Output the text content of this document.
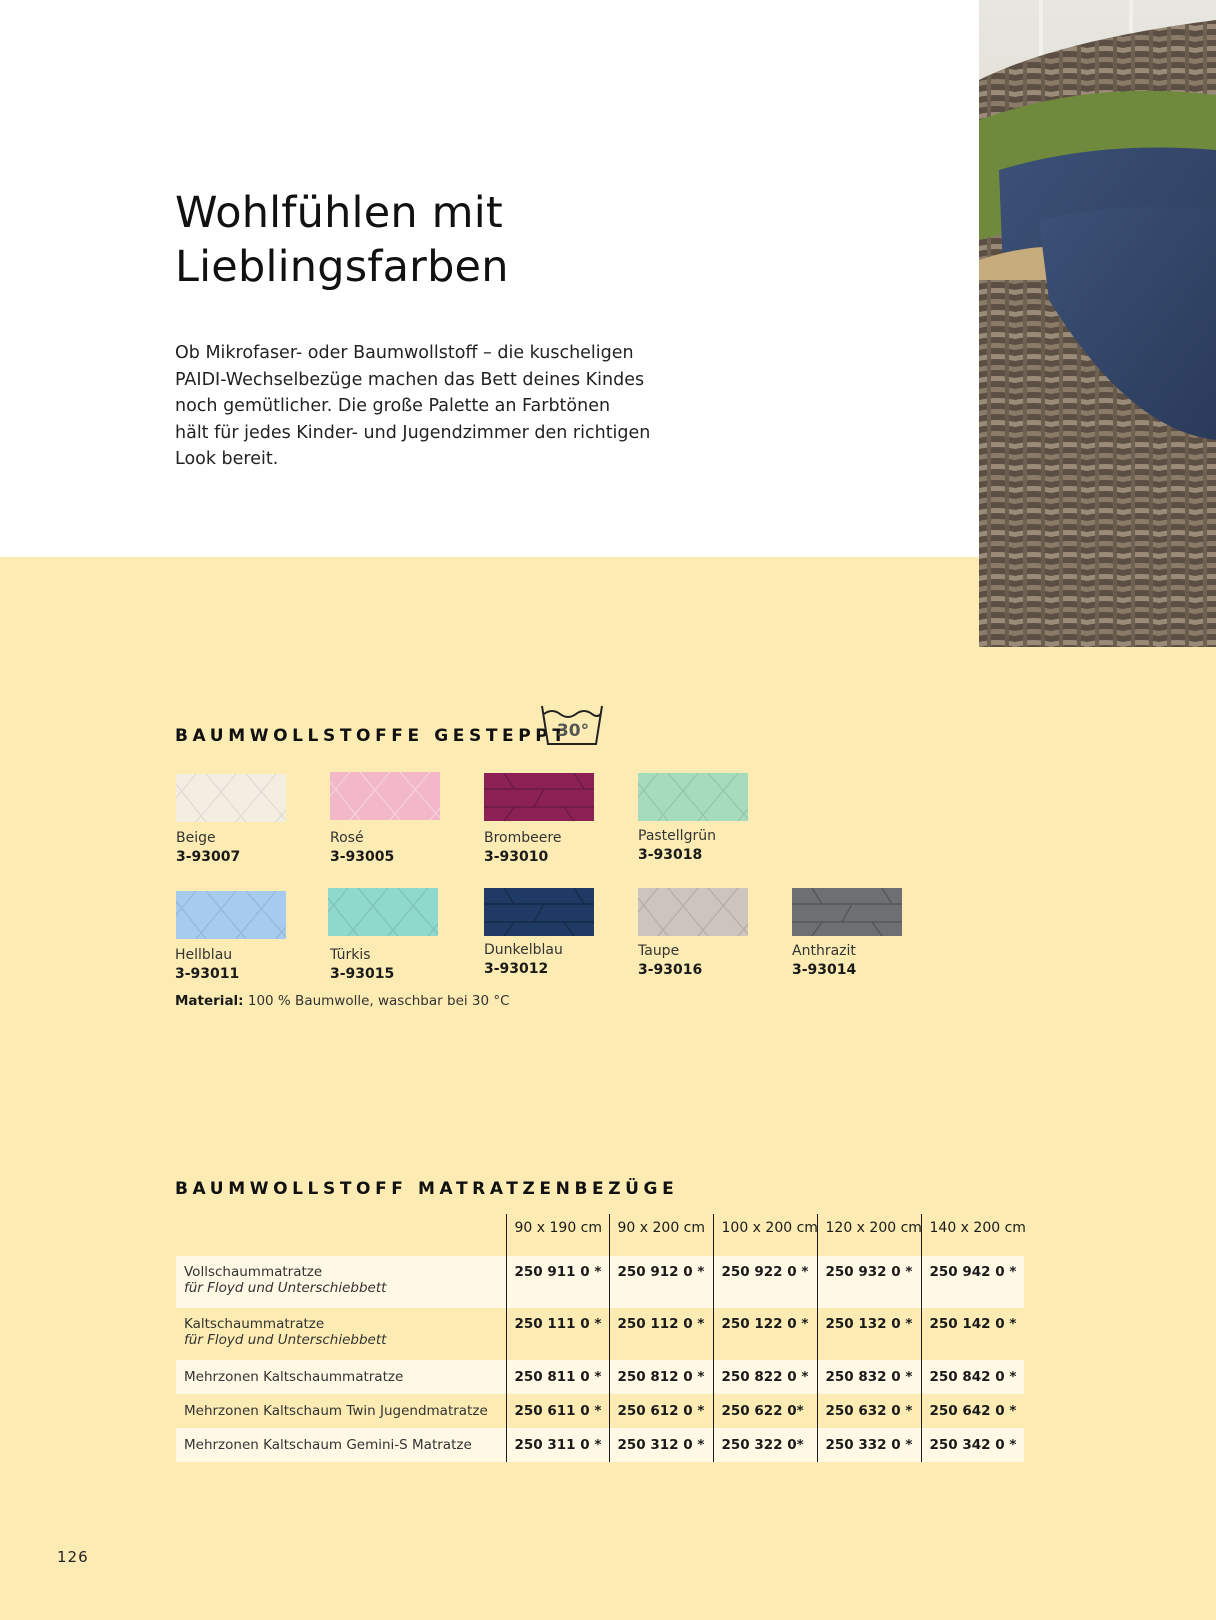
Wohlfühlen mit
Lieblingsfarben

Ob Mikrofaser- oder Baumwollstoff – die kuscheligen
PAIDI-Wechselbezüge machen das Bett deines Kindes
noch gemütlicher. Die große Palette an Farbtönen
hält für jedes Kinder- und Jugendzimmer den richtigen
Look bereit.

BAUMWOLLSTOFFE GESTEPPT
30°
Beige
3-93007
Rosé
3-93005
Brombeere
3-93010
Pastellgrün
3-93018
Hellblau
3-93011
Türkis
3-93015
Dunkelblau
3-93012
Taupe
3-93016
Anthrazit
3-93014
Material: 100 % Baumwolle, waschbar bei 30 °C
BAUMWOLLSTOFF MATRATZENBEZÜGE
	90 x 190 cm	90 x 200 cm	100 x 200 cm	120 x 200 cm	140 x 200 cm

Vollschaummatratze
für Floyd und Unterschiebbett	250 911 0 *	250 912 0 *	250 922 0 *	250 932 0 *	250 942 0 *

Kaltschaummatratze
für Floyd und Unterschiebbett	250 111 0 *	250 112 0 *	250 122 0 *	250 132 0 *	250 142 0 *

Mehrzonen Kaltschaummatratze	250 811 0 *	250 812 0 *	250 822 0 *	250 832 0 *	250 842 0 *

Mehrzonen Kaltschaum Twin Jugendmatratze	250 611 0 *	250 612 0 *	250 622 0*	250 632 0 *	250 642 0 *

Mehrzonen Kaltschaum Gemini-S Matratze	250 311 0 *	250 312 0 *	250 322 0*	250 332 0 *	250 342 0 *
126
